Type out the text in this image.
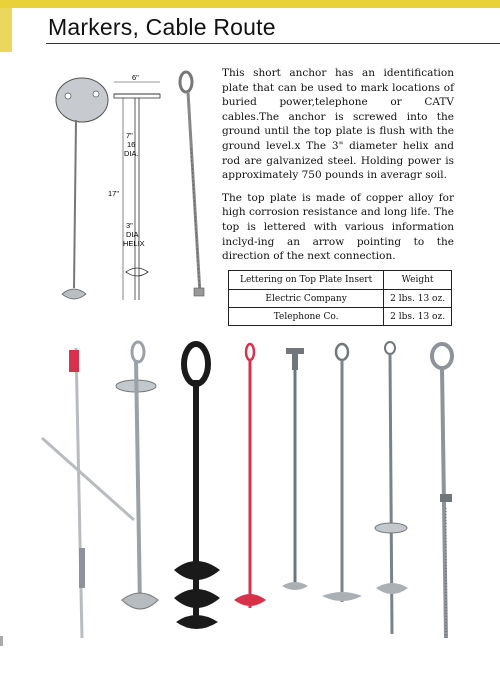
Markers, Cable Route
6"
7"
16
DIA.
17"
3"
DIA
HELIX

This short anchor has an identification plate that can be used to mark locations of buried power,telephone or CATV cables.The anchor is screwed into the ground until the top plate is flush with the ground level.x The 3" diameter helix and rod are galvanized steel. Holding power is approximately 750 pounds in averagr soil.

The top plate is made of copper alloy for high corrosion resistance and long life. The top is lettered with various information inclyd-ing an arrow pointing to the direction of the next connection.

Lettering on Top Plate Insert	Weight
Electric Company	2 lbs. 13 oz.
Telephone Co.	2 lbs. 13 oz.
